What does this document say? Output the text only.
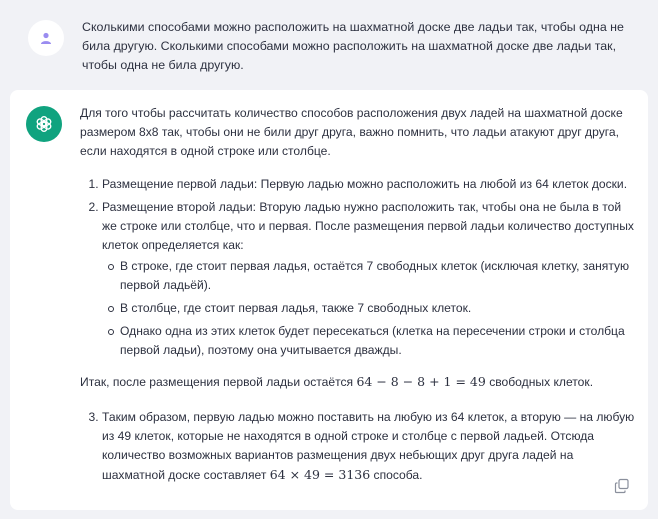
Сколькими способами можно расположить на шахматной доске две ладьи так, чтобы одна не била другую. Сколькими способами можно расположить на шахматной доске две ладьи так, чтобы одна не била другую.

Для того чтобы рассчитать количество способов расположения двух ладей на шахматной доске размером 8х8 так, чтобы они не били друг друга, важно помнить, что ладьи атакуют друг друга, если находятся в одной строке или столбце.

1. Размещение первой ладьи: Первую ладью можно расположить на любой из 64 клеток доски.
2. Размещение второй ладьи: Вторую ладью нужно расположить так, чтобы она не была в той же строке или столбце, что и первая. После размещения первой ладьи количество доступных клеток определяется как:
В строке, где стоит первая ладья, остаётся 7 свободных клеток (исключая клетку, занятую первой ладьёй).
В столбце, где стоит первая ладья, также 7 свободных клеток.
Однако одна из этих клеток будет пересекаться (клетка на пересечении строки и столбца первой ладьи), поэтому она учитывается дважды.

Итак, после размещения первой ладьи остаётся 64 − 8 − 8 + 1 = 49 свободных клеток.

3. Таким образом, первую ладью можно поставить на любую из 64 клеток, а вторую — на любую из 49 клеток, которые не находятся в одной строке и столбце с первой ладьей. Отсюда количество возможных вариантов размещения двух небьющих друг друга ладей на шахматной доске составляет 64 × 49 = 3136 способа.
